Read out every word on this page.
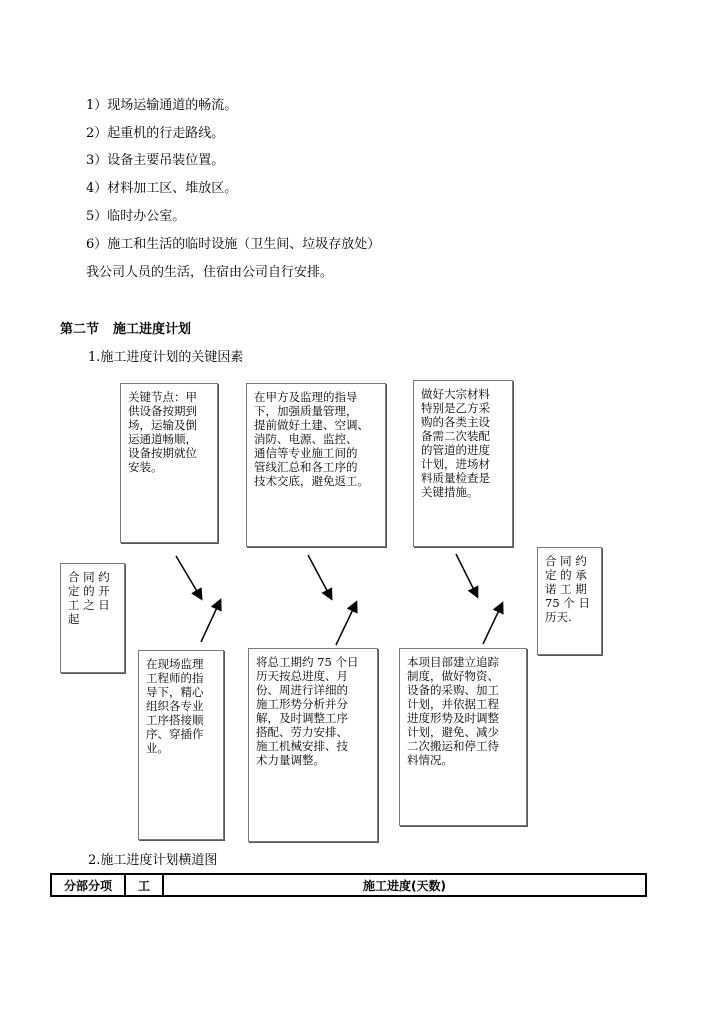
1）现场运输通道的畅流。
2）起重机的行走路线。
3）设备主要吊装位置。
4）材料加工区、堆放区。
5）临时办公室。
6）施工和生活的临时设施（卫生间、垃圾存放处）
我公司人员的生活，住宿由公司自行安排。
第二节 施工进度计划
1.施工进度计划的关键因素
关键节点：甲
供设备按期到
场，运输及倒
运通道畅顺，
设备按期就位
安装。
在甲方及监理的指导
下，加强质量管理，
提前做好土建、空调、
消防、电源、监控、
通信等专业施工间的
管线汇总和各工序的
技术交底，避免返工。
做好大宗材料
特别是乙方采
购的各类主设
备需二次装配
的管道的进度
计划，进场材
料质量检查是
关键措施。
合 同 约
定 的 开
工 之 日
起
合 同 约
定 的 承
诺 工 期
75 个 日
历天.
在现场监理
工程师的指
导下，精心
组织各专业
工序搭接顺
序、穿插作
业。
将总工期约 75 个日
历天按总进度、月
份、周进行详细的
施工形势分析并分
解，及时调整工序
搭配、劳力安排、
施工机械安排、技
术力量调整。
本项目部建立追踪
制度，做好物资、
设备的采购、加工
计划，并依据工程
进度形势及时调整
计划，避免、减少
二次搬运和停工待
料情况。
2.施工进度计划横道图
分部分项	工	施工进度(天数)
